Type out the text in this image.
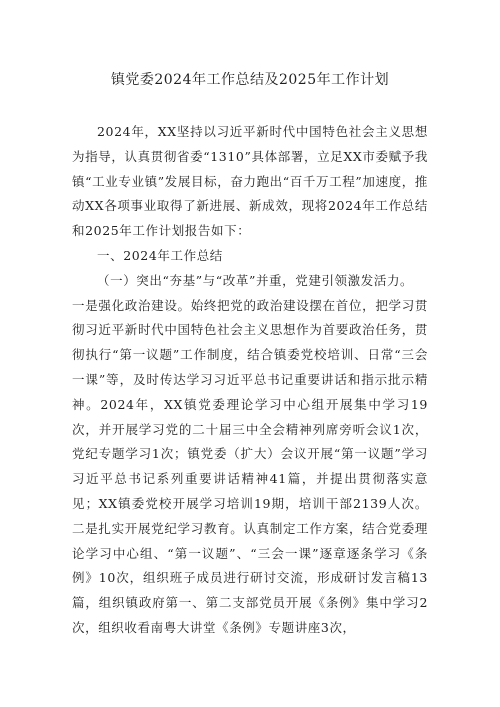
镇党委2024年工作总结及2025年工作计划

2024年，XX坚持以习近平新时代中国特色社会主义思想为指导，认真贯彻省委“1310”具体部署，立足XX市委赋予我镇“工业专业镇”发展目标，奋力跑出“百千万工程”加速度，推动XX各项事业取得了新进展、新成效，现将2024年工作总结和2025年工作计划报告如下：

一、2024年工作总结

（一）突出“夯基”与“改革”并重，党建引领激发活力。

一是强化政治建设。始终把党的政治建设摆在首位，把学习贯彻习近平新时代中国特色社会主义思想作为首要政治任务，贯彻执行“第一议题”工作制度，结合镇委党校培训、日常“三会一课”等，及时传达学习习近平总书记重要讲话和指示批示精神。2024年，XX镇党委理论学习中心组开展集中学习19次，并开展学习党的二十届三中全会精神列席旁听会议1次，党纪专题学习1次；镇党委（扩大）会议开展“第一议题”学习习近平总书记系列重要讲话精神41篇，并提出贯彻落实意见；XX镇委党校开展学习培训19期，培训干部2139人次。二是扎实开展党纪学习教育。认真制定工作方案，结合党委理论学习中心组、“第一议题”、“三会一课”逐章逐条学习《条例》10次，组织班子成员进行研讨交流，形成研讨发言稿13篇，组织镇政府第一、第二支部党员开展《条例》集中学习2次，组织收看南粤大讲堂《条例》专题讲座3次，
